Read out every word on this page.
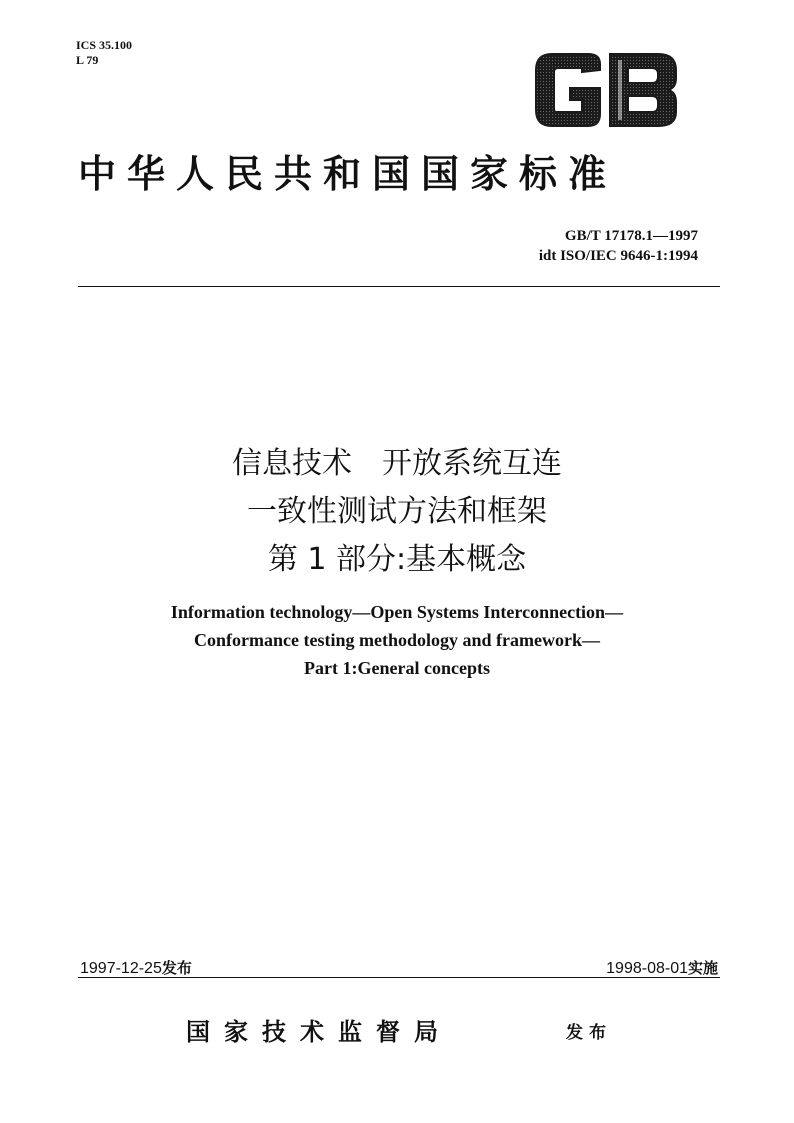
ICS 35.100
L 79
中华人民共和国国家标准
GB/T 17178.1—1997
idt ISO/IEC 9646-1:1994
信息技术　开放系统互连
一致性测试方法和框架
第 1 部分:基本概念
Information technology—Open Systems Interconnection—
Conformance testing methodology and framework—
Part 1:General concepts
1997-12-25发布	1998-08-01实施
国家技术监督局	发布
